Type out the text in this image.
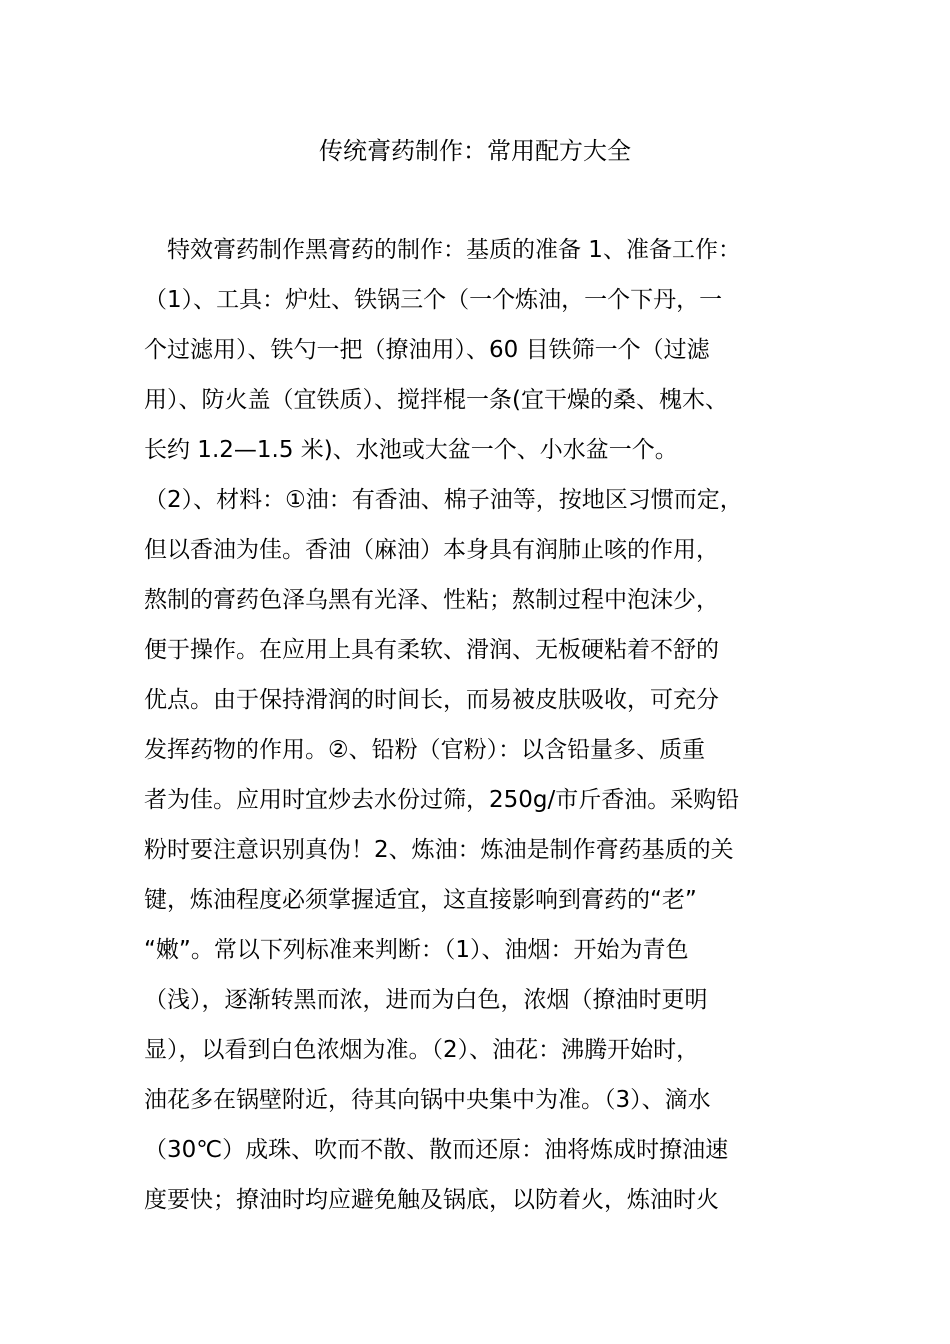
传统膏药制作：常用配方大全
　特效膏药制作黑膏药的制作：基质的准备 1、准备工作：
（1）、工具：炉灶、铁锅三个（一个炼油，一个下丹，一
个过滤用）、铁勺一把（撩油用）、60 目铁筛一个（过滤
用）、防火盖（宜铁质）、搅拌棍一条(宜干燥的桑、槐木、
长约 1.2—1.5 米)、水池或大盆一个、小水盆一个。
（2）、材料：①油：有香油、棉子油等，按地区习惯而定，
但以香油为佳。香油（麻油）本身具有润肺止咳的作用，
熬制的膏药色泽乌黑有光泽、性粘；熬制过程中泡沫少，
便于操作。在应用上具有柔软、滑润、无板硬粘着不舒的
优点。由于保持滑润的时间长，而易被皮肤吸收，可充分
发挥药物的作用。②、铅粉（官粉）：以含铅量多、质重
者为佳。应用时宜炒去水份过筛，250g/市斤香油。采购铅
粉时要注意识别真伪！2、炼油：炼油是制作膏药基质的关
键，炼油程度必须掌握适宜，这直接影响到膏药的“老”
“嫩”。常以下列标准来判断：（1）、油烟：开始为青色
（浅），逐渐转黑而浓，进而为白色，浓烟（撩油时更明
显），以看到白色浓烟为准。（2）、油花：沸腾开始时，
油花多在锅壁附近，待其向锅中央集中为准。（3）、滴水
（30℃）成珠、吹而不散、散而还原：油将炼成时撩油速
度要快；撩油时均应避免触及锅底，以防着火，炼油时火
